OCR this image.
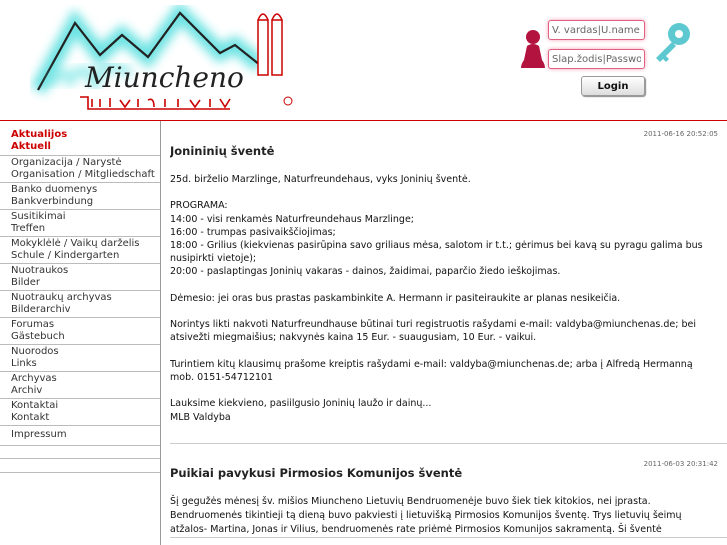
Miuncheno
V. vardas|U.name
Slap.žodis|Passwort	Login
Aktualijos
Aktuell
Organizacija / Narystė
Organisation / Mitgliedschaft
Banko duomenys
Bankverbindung
Susitikimai
Treffen
Mokyklėlė / Vaikų darželis
Schule / Kindergarten
Nuotraukos
Bilder
Nuotraukų archyvas
Bilderarchiv
Forumas
Gästebuch
Nuorodos
Links
Archyvas
Archiv
Kontaktai
Kontakt
Impressum
2011-06-16 20:52:05
Jonininių šventė
25d. birželio Marzlinge, Naturfreundehaus, vyks Joninių šventė.

PROGRAMA:
14:00 - visi renkamės Naturfreundehaus Marzlinge;
16:00 - trumpas pasivaikščiojimas;
18:00 - Grilius (kiekvienas pasirūpina savo griliaus mėsa, salotom ir t.t.; gėrimus bei kavą su pyragu galima bus nusipirkti vietoje);
20:00 - paslaptingas Joninių vakaras - dainos, žaidimai, paparčio žiedo ieškojimas.

Dėmesio: jei oras bus prastas paskambinkite A. Hermann ir pasiteiraukite ar planas nesikeičia.

Norintys likti nakvoti Naturfreundhause būtinai turi registruotis rašydami e-mail: valdyba@miunchenas.de; bei atsivežti miegmaišius; nakvynės kaina 15 Eur. - suaugusiam, 10 Eur. - vaikui.

Turintiem kitų klausimų prašome kreiptis rašydami e-mail: valdyba@miunchenas.de; arba į Alfredą Hermanną mob. 0151-54712101

Lauksime kiekvieno, pasiilgusio Joninių laužo ir dainų...
MLB Valdyba
2011-06-03 20:31:42
Puikiai pavykusi Pirmosios Komunijos šventė
Šį gegužės mėnesį šv. mišios Miuncheno Lietuvių Bendruomenėje buvo šiek tiek kitokios, nei įprasta. Bendruomenės tikintieji tą dieną buvo pakviesti į lietuvišką Pirmosios Komunijos šventę. Trys lietuvių šeimų atžalos- Martina, Jonas ir Vilius, bendruomenės rate priėmė Pirmosios Komunijos sakramentą. Ši šventė
